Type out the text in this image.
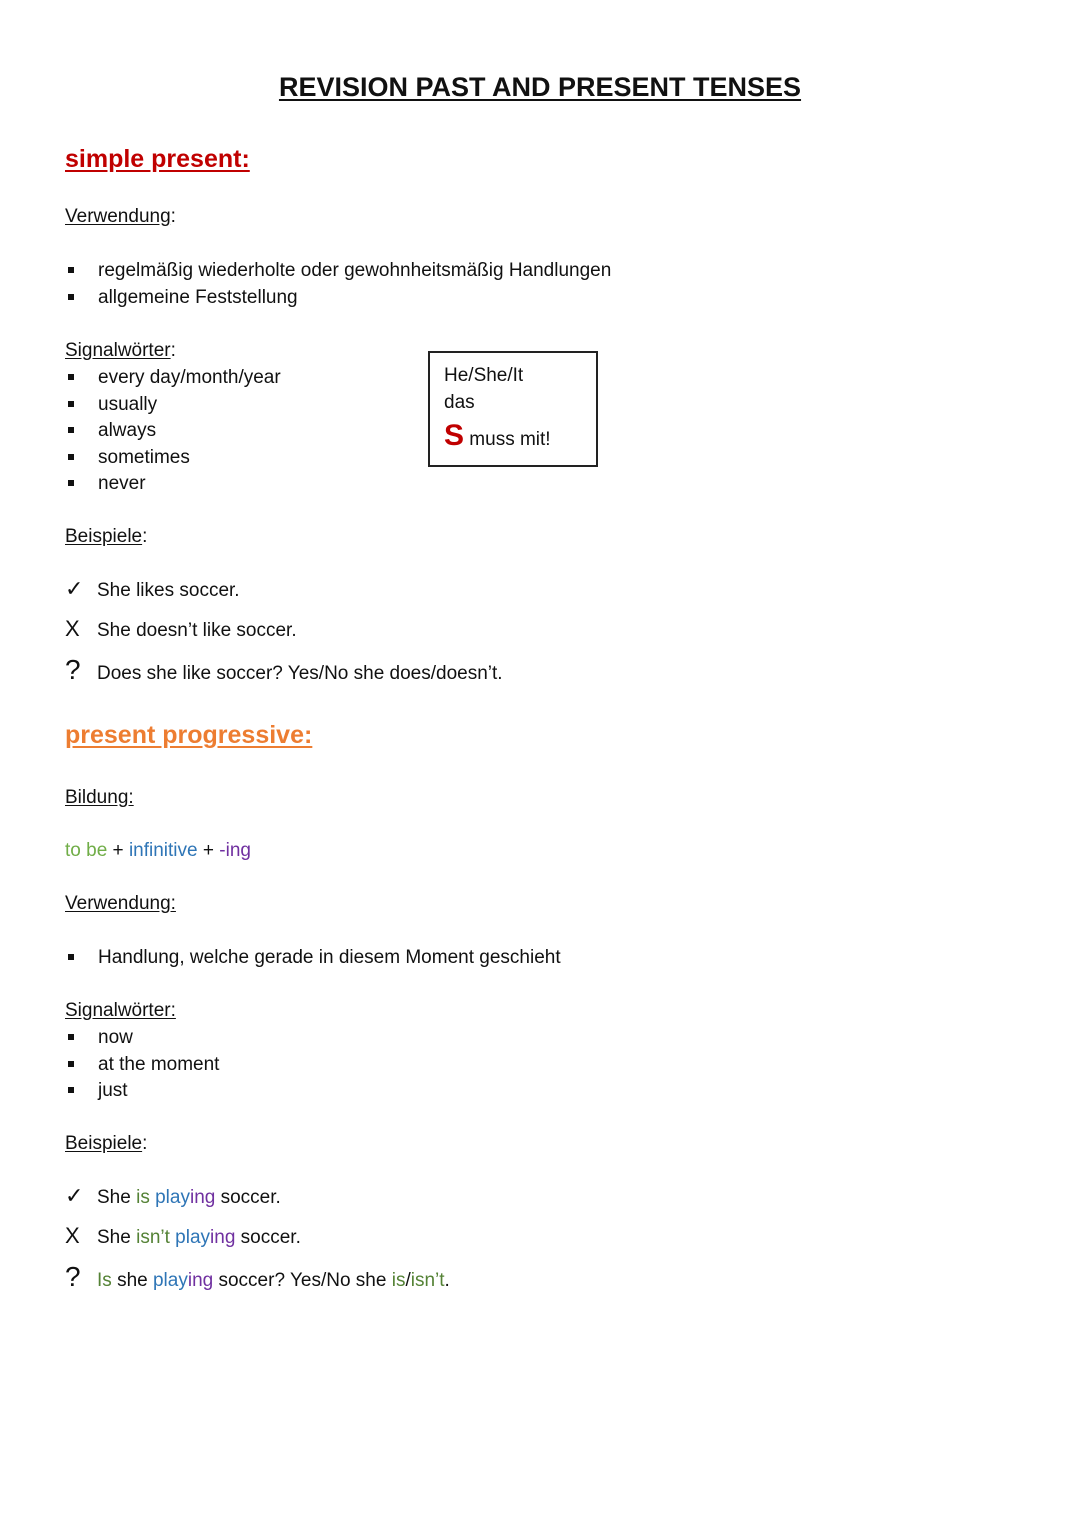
REVISION PAST AND PRESENT TENSES
simple present:
Verwendung:
regelmäßig wiederholte oder gewohnheitsmäßig Handlungen
allgemeine Feststellung
Signalwörter:
every day/month/year
usually
always
sometimes
never
He/She/It
das
S muss mit!
Beispiele:
✓ She likes soccer.
X She doesn’t like soccer.
? Does she like soccer? Yes/No she does/doesn’t.
present progressive:
Bildung:
to be + infinitive + -ing
Verwendung:
Handlung, welche gerade in diesem Moment geschieht
Signalwörter:
now
at the moment
just
Beispiele:
✓ She is playing soccer.
X She isn’t playing soccer.
? Is she playing soccer? Yes/No she is/isn’t.
